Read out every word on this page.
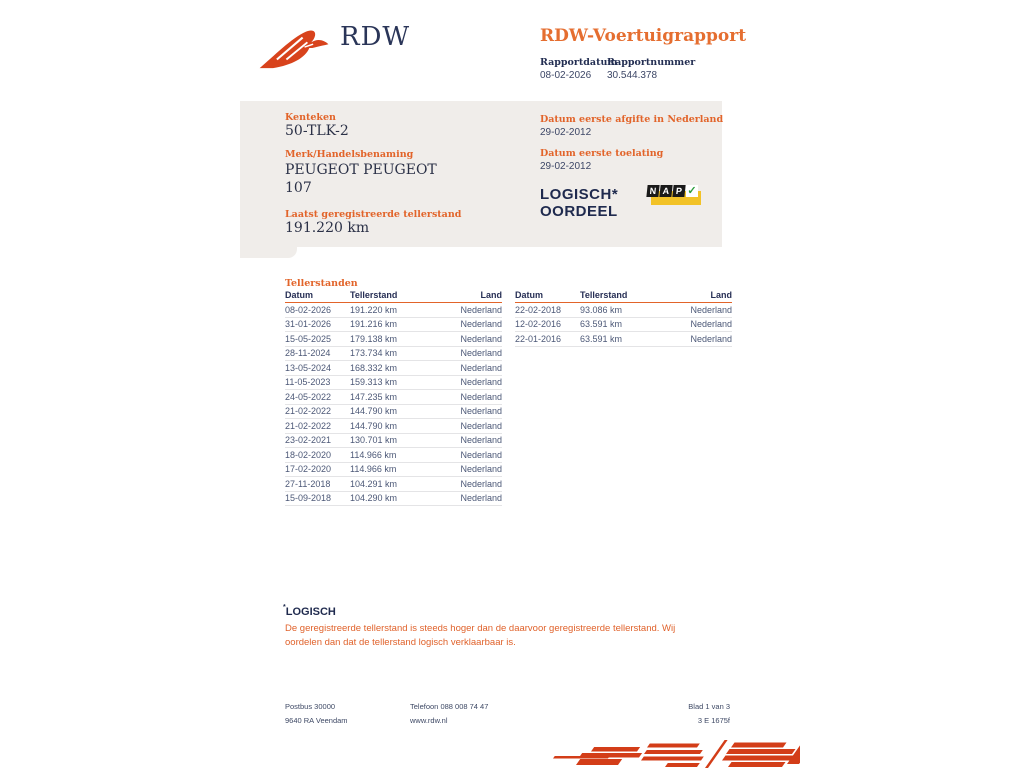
RDW	RDW-Voertuigrapport
Rapportdatum
08-02-2026
Rapportnummer
30.544.378
Kenteken
50-TLK-2
Merk/Handelsbenaming
PEUGEOT PEUGEOT 107
Laatst geregistreerde tellerstand
191.220 km
Datum eerste afgifte in Nederland
29-02-2012
Datum eerste toelating
29-02-2012
LOGISCH*
OORDEEL
N A P ✓
Tellerstanden
Datum	Tellerstand	Land
08-02-2026	191.220 km	Nederland
31-01-2026	191.216 km	Nederland
15-05-2025	179.138 km	Nederland
28-11-2024	173.734 km	Nederland
13-05-2024	168.332 km	Nederland
11-05-2023	159.313 km	Nederland
24-05-2022	147.235 km	Nederland
21-02-2022	144.790 km	Nederland
21-02-2022	144.790 km	Nederland
23-02-2021	130.701 km	Nederland
18-02-2020	114.966 km	Nederland
17-02-2020	114.966 km	Nederland
27-11-2018	104.291 km	Nederland
15-09-2018	104.290 km	Nederland
Datum	Tellerstand	Land
22-02-2018	93.086 km	Nederland
12-02-2016	63.591 km	Nederland
22-01-2016	63.591 km	Nederland
*LOGISCH
De geregistreerde tellerstand is steeds hoger dan de daarvoor geregistreerde tellerstand. Wij oordelen dan dat de tellerstand logisch verklaarbaar is.
Postbus 30000
9640 RA Veendam
Telefoon 088 008 74 47
www.rdw.nl
Blad 1 van 3
3 E 1675f
